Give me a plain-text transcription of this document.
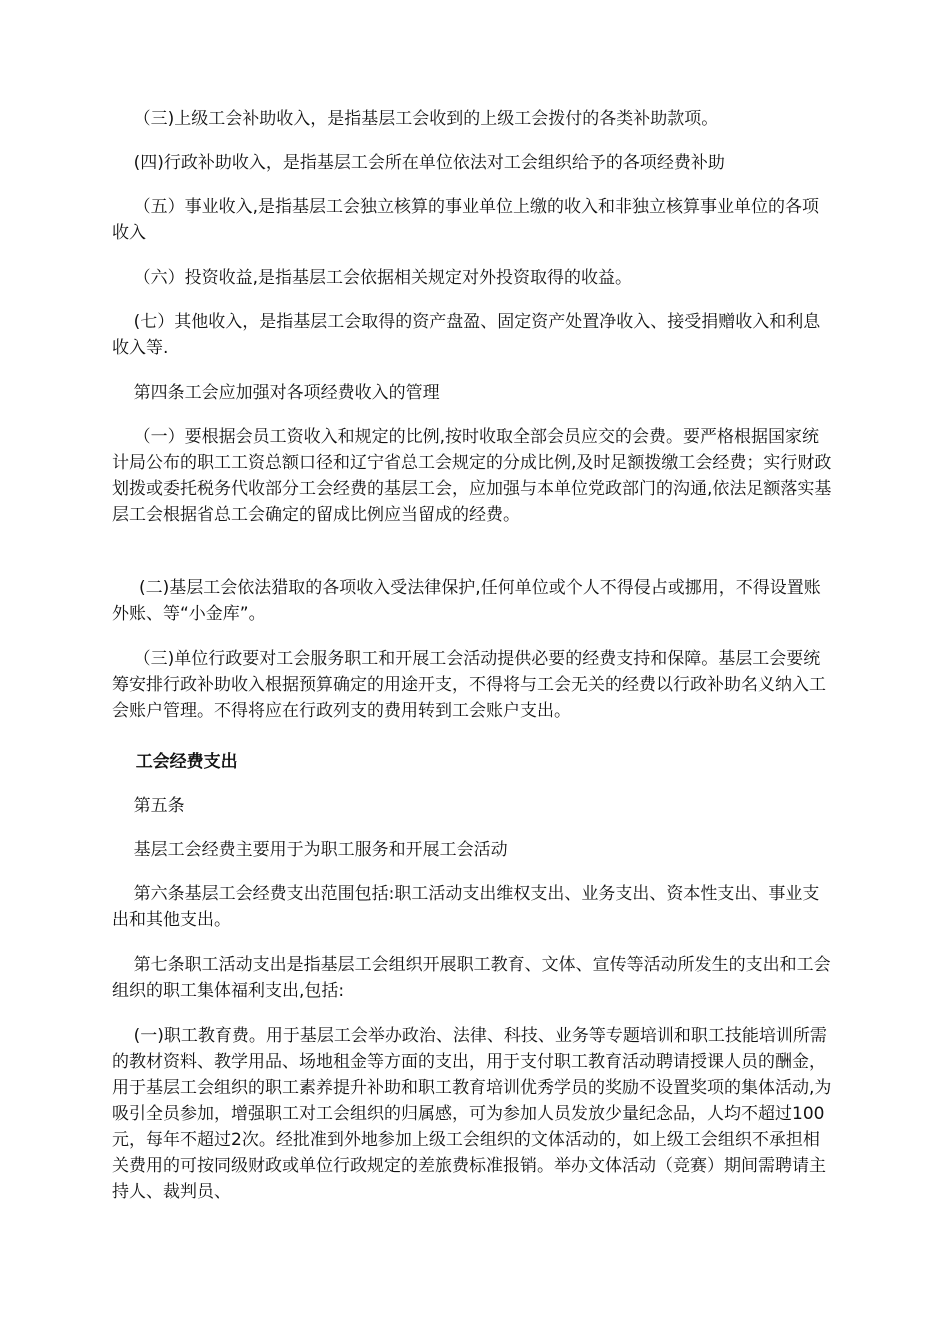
（三)上级工会补助收入，是指基层工会收到的上级工会拨付的各类补助款项。

(四)行政补助收入，是指基层工会所在单位依法对工会组织给予的各项经费补助

（五）事业收入,是指基层工会独立核算的事业单位上缴的收入和非独立核算事业单位的各项收入

（六）投资收益,是指基层工会依据相关规定对外投资取得的收益。

(七）其他收入，是指基层工会取得的资产盘盈、固定资产处置净收入、接受捐赠收入和利息收入等.

第四条工会应加强对各项经费收入的管理

（一）要根据会员工资收入和规定的比例,按时收取全部会员应交的会费。要严格根据国家统计局公布的职工工资总额口径和辽宁省总工会规定的分成比例,及时足额拨缴工会经费；实行财政划拨或委托税务代收部分工会经费的基层工会，应加强与本单位党政部门的沟通,依法足额落实基层工会根据省总工会确定的留成比例应当留成的经费。

(二)基层工会依法猎取的各项收入受法律保护,任何单位或个人不得侵占或挪用，不得设置账外账、等“小金库”。

（三)单位行政要对工会服务职工和开展工会活动提供必要的经费支持和保障。基层工会要统筹安排行政补助收入根据预算确定的用途开支，不得将与工会无关的经费以行政补助名义纳入工会账户管理。不得将应在行政列支的费用转到工会账户支出。

工会经费支出

第五条

基层工会经费主要用于为职工服务和开展工会活动

第六条基层工会经费支出范围包括:职工活动支出维权支出、业务支出、资本性支出、事业支出和其他支出。

第七条职工活动支出是指基层工会组织开展职工教育、文体、宣传等活动所发生的支出和工会组织的职工集体福利支出,包括:

(一)职工教育费。用于基层工会举办政治、法律、科技、业务等专题培训和职工技能培训所需的教材资料、教学用品、场地租金等方面的支出，用于支付职工教育活动聘请授课人员的酬金，用于基层工会组织的职工素养提升补助和职工教育培训优秀学员的奖励不设置奖项的集体活动,为吸引全员参加，增强职工对工会组织的归属感，可为参加人员发放少量纪念品，人均不超过100元，每年不超过2次。经批准到外地参加上级工会组织的文体活动的，如上级工会组织不承担相关费用的可按同级财政或单位行政规定的差旅费标准报销。举办文体活动（竞赛）期间需聘请主持人、裁判员、
